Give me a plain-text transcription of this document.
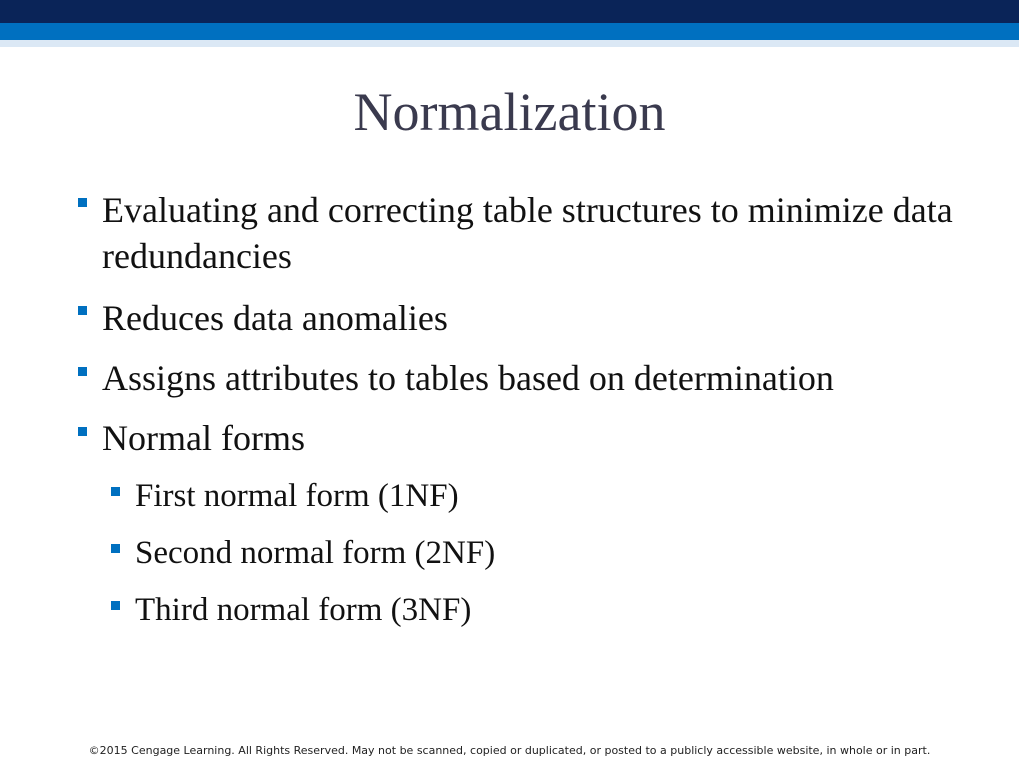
Normalization
Evaluating and correcting table structures to minimize data redundancies
Reduces data anomalies
Assigns attributes to tables based on determination
Normal forms
First normal form (1NF)
Second normal form (2NF)
Third normal form (3NF)
©2015 Cengage Learning. All Rights Reserved. May not be scanned, copied or duplicated, or posted to a publicly accessible website, in whole or in part.
